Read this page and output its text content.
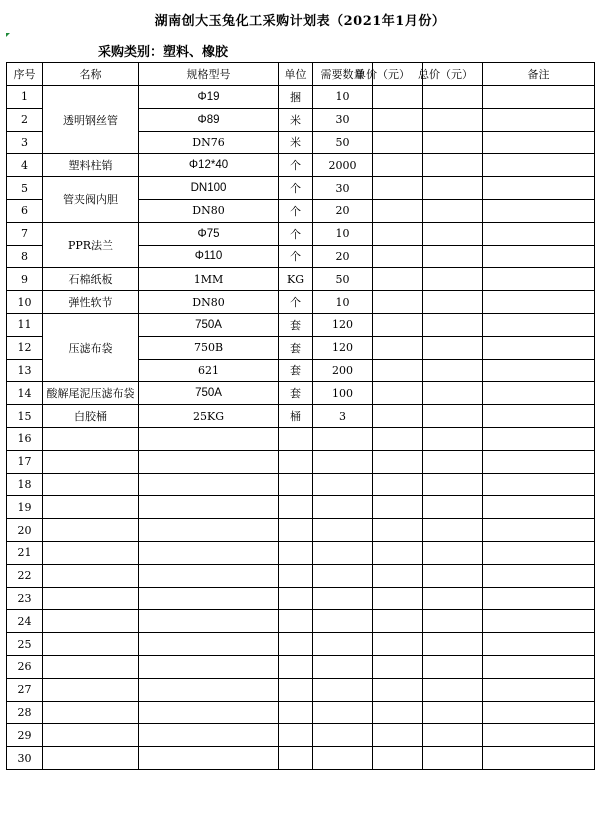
湖南创大玉兔化工采购计划表（2021年1月份）
采购类别：塑料、橡胶
序号	名称	规格型号	单位	需要数量	单价（元）	总价（元）	备注
1	透明钢丝管	Φ19	捆	10			
2		Φ89	米	30			
3		DN76	米	50			
4	塑料柱销	Φ12*40	个	2000			
5	管夹阀内胆	DN100	个	30			
6		DN80	个	20			
7	PPR法兰	Φ75	个	10			
8		Φ110	个	20			
9	石棉纸板	1MM	KG	50			
10	弹性软节	DN80	个	10			
11	压滤布袋	750A	套	120			
12		750B	套	120			
13		621	套	200			
14	酸解尾泥压滤布袋	750A	套	100			
15	白胶桶	25KG	桶	3			
16							
17							
18							
19							
20							
21							
22							
23							
24							
25							
26							
27							
28							
29							
30							
